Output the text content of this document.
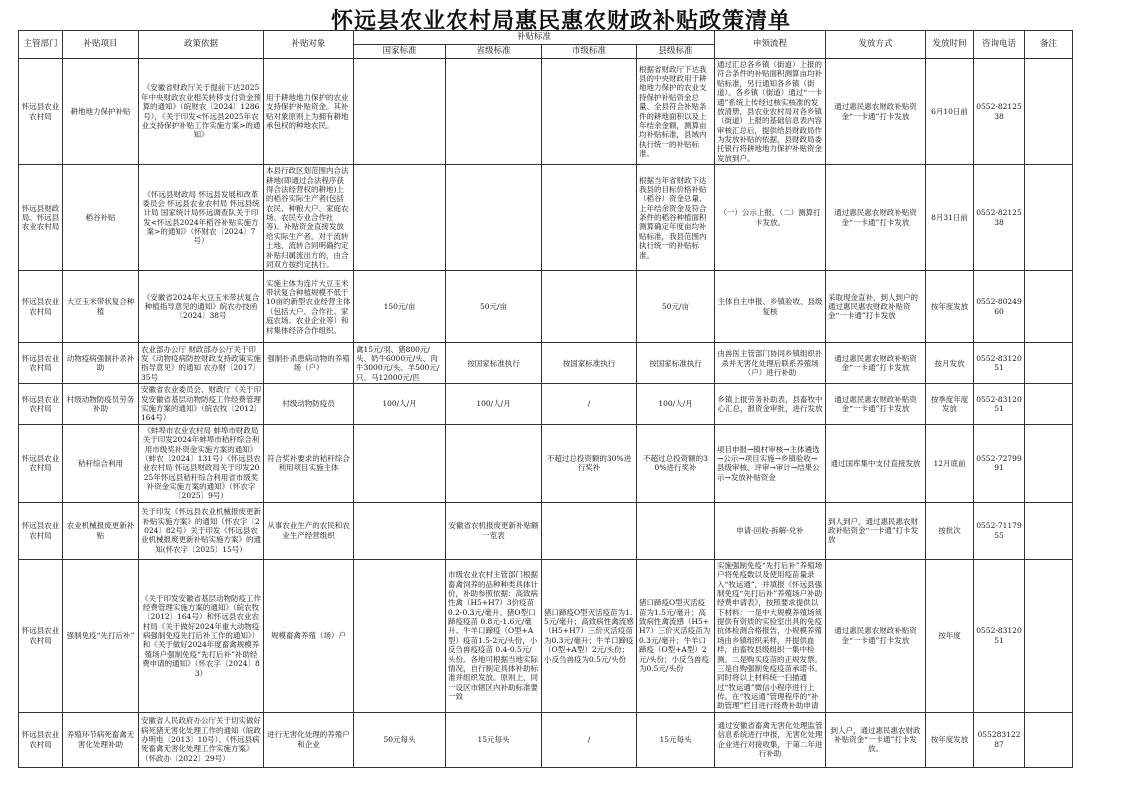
怀远县农业农村局惠民惠农财政补贴政策清单
主管部门	补贴项目	政策依据	补贴对象	补贴标准				申领流程	发放方式	发放时间	咨询电话	备注
				国家标准	省级标准	市级标准	县级标准					
怀远县农业农村局	耕地地力保护补贴	《安徽省财政厅关于提前下达2025年中央财政农业相关转移支付资金预算的通知》（皖财农〔2024〕1286号），《关于印发<怀远县2025年农业支持保护补贴工作实施方案>的通知》	用于耕地地力保护的农业支持保护补贴资金。其补贴对象原则上为拥有耕地承包权的种地农民。				根据省财政厅下达我县的中央财政用于耕地地力保护的农业支持保护补贴资金总量、全县符合补贴条件的耕地面积以及上年结余金额，测算亩均补贴标准，县域内执行统一的补贴标准。	通过汇总各乡镇（街道）上报的符合条件的补贴面积测算亩均补贴标准，另行通知各乡镇（街道）。各乡镇（街道）通过“一卡通”系统上传经过核实核准的发放清册，县农业农村局对各乡镇（街道）上报的基础信息表内容审核汇总后，提供给县财政局作为发放补贴的依据，县财政局委托银行将耕地地力保护补贴资金发放到户。	通过惠民惠农财政补贴资金“一卡通”打卡发放	6月10日前	0552-8212538	
怀远县财政局、怀远县农业农村局	稻谷补贴	《怀远县财政局 怀远县发展和改革委员会 怀远县农业农村局 怀远县统计局 国家统计局怀远调查队关于印发<怀远县2024年稻谷补贴实施方案>的通知》（怀财农〔2024〕7号）	本县行政区划范围内合法耕地(即通过合法程序获得合法经营权的耕地)上的稻谷实际生产者(包括农民、种粮大户、家庭农场、农民专业合作社等)。补贴资金直接发放给实际生产者。对于流转土地，流转合同明确约定补贴归属流出方的，由合同双方按约定执行。				根据当年省财政下达我县的目标价格补贴（稻谷）资金总量、上年结余资金及符合条件的稻谷种植面积测算确定年度亩均补贴标准，我县范围内执行统一的补贴标准。	（一）公示上报。（二）测算打卡发放。	通过惠民惠农财政补贴资金“一卡通”打卡发放	8月31日前	0552-8212538	
怀远县农业农村局	大豆玉米带状复合种植	《安徽省2024年大豆玉米带状复合种植指导意见的通知》皖农办技函〔2024〕38号	实施主体为连片大豆玉米带状复合种植规模不低于10亩的新型农业经营主体（包括大户、合作社、家庭农场、农业企业等）和村集体经济合作组织。	150元/亩	50元/亩		50元/亩	主体自主申报、乡镇验收、县级复核	采取现金直补，到人到户的通过惠民惠农财政补贴资金“一卡通”打卡发放	按年度发放	0552-8024960	
怀远县农业农村局	动物疫病强制扑杀补助	农业部办公厅 财政部办公厅关于印发《动物疫病防控财政支持政策实施指导意见》的通知 农办财〔2017〕35号	强制扑杀患病动物的养殖场（户）	禽15元/羽、猪800元/头、奶牛6000元/头、肉牛3000元/头、羊500元/只、马12000元/匹	按国家标准执行	按国家标准执行	按国家标准执行	由兽医主管部门协同乡镇组织扑杀并无害化处理后联系养殖场（户）进行补助	通过惠民惠农财政补贴资金“一卡通”打卡发放	按月发放	0552-8312051	
怀远县农业农村局	村级动物防疫员劳务补助	安徽省农业委员会、财政厅《关于印发安徽省基层动物防疫工作经费管理实施方案的通知》（皖农牧〔2012〕164号）	村级动物防疫员	100/人/月	100/人/月	/	100/人/月	乡镇上报劳务补助表，县畜牧中心汇总，报资金审批，进行发放	通过惠民惠农财政补贴资金“一卡通”打卡发放	按季度年度发放	0552-8312051	
怀远县农业农村局	秸秆综合利用	《蚌埠市农业农村局 蚌埠市财政局关于印发2024年蚌埠市秸秆综合利用市级奖补资金实施方案的通知》（蚌农〔2024〕131号）《怀远县农业农村局 怀远县财政局关于印发2025年怀远县秸秆综合利用省市级奖补资金实施方案的通知》（怀农字〔2025〕9号）	符合奖补要求的秸秆综合利用项目实施主体			不超过总投资额的30%进行奖补	不超过总投资额的30%进行奖补	项目申报→镇村审核→主体遴选→公示→项目实施→乡镇验收→县级审核、评审→审计→结果公示→发放补贴资金	通过国库集中支付直接发放	12月底前	0552-7279991	
怀远县农业农村局	农业机械报废更新补贴	关于印发《怀远县农业机械报废更新补贴实施方案》的通知（怀农字〔2024〕82号）关于印发《怀远县农业机械报废更新补贴实施方案》的通知(怀农字〔2025〕15号）	从事农业生产的农民和农业生产经营组织		安徽省农机报废更新补贴额一览表			申请-回收-拆解-兑补	到人到户，通过惠民惠农财政补贴资金“一卡通”打卡发放	按批次	0552-7117955	
怀远县农业农村局	强制免疫“先打后补”	《关于印发安徽省基层动物防疫工作经费管理实施方案的通知》（皖农牧〔2012〕164号）和怀远县农业农村局《关于做好2024年重大动物疫病强制免疫先打后补工作的通知》）和《关于做好2024年度畜禽规模养殖场户强制免疫“先打后补”补助经费申请的通知》（怀农字〔2024〕83）	规模畜禽养殖（场）户		市级农业农村主管部门根据畜禽饲养的品种种类具体计价，补助参照依据：高致病性禽（H5+H7）3价疫苗 0.2-0.3元/毫升、猪O型口蹄疫疫苗 0.8元-1.6元/毫升、牛羊口蹄疫（O型+A型）疫苗1.5-2元/头份，小反刍兽疫疫苗 0.4-0.5元/头份。各地可根据当地实际情况，自行制定具体补助标准并组织发放。原则上，同一设区市辖区内补助标准要一致	猪口蹄疫O型灭活疫苗为1.5元/毫升；高致病性禽流感（H5+H7）三价灭活疫苗为0.3元/毫升；牛羊口蹄疫（O型+A型）2元/头份；小反刍兽疫为0.5元/头份	猪口蹄疫O型灭活疫苗为1.5元/毫升；高致病性禽流感（H5+H7）三价灭活疫苗为0.3元/毫升；牛羊口蹄疫（O型+A型）2元/头份；小反刍兽疫为0.5元/头份	实施强制免疫“先打后补”养殖场户将免疫数以及使用疫苗量录入“牧运通”，并填报《怀远县强制免疫“先打后补”养殖场户补助经费申请表》，按照要求提供以下材料：一是中大规模养殖场须提供有资质的实验室出具的免疫抗体检测合格报告，小规模养殖场由乡镇组织采样，并提供血样，由畜牧县级组织一集中检测。二是购买疫苗的正规发票。三是自购强制免疫疫苗承诺书。同时将以上材料统一扫描通过“牧运通”微信小程序进行上传。在“牧运通”管理程序的“补助管理”栏目进行经费补助申请	通过惠民惠农财政补贴资金“一卡通”打卡发放	按年度	0552-8312051	
怀远县农业农村局	养殖环节病死畜禽无害化处理补助	安徽省人民政府办公厅关于切实做好病死猪无害化处理工作的通知（皖政办明电〔2013〕10号）、《怀远县病死畜禽无害化处理工作实施方案》（怀政办〔2022〕29号）	进行无害化处理的养殖户和企业	50元每头	15元每头	/	15元每头	通过安徽省畜禽无害化处理监管信息系统进行申报，无害化处理企业进行对接收集，于第二年进行补助	到人户，通过惠民惠农财政补贴资金“一卡通”打卡发放。	按年度发放	05528312287	
